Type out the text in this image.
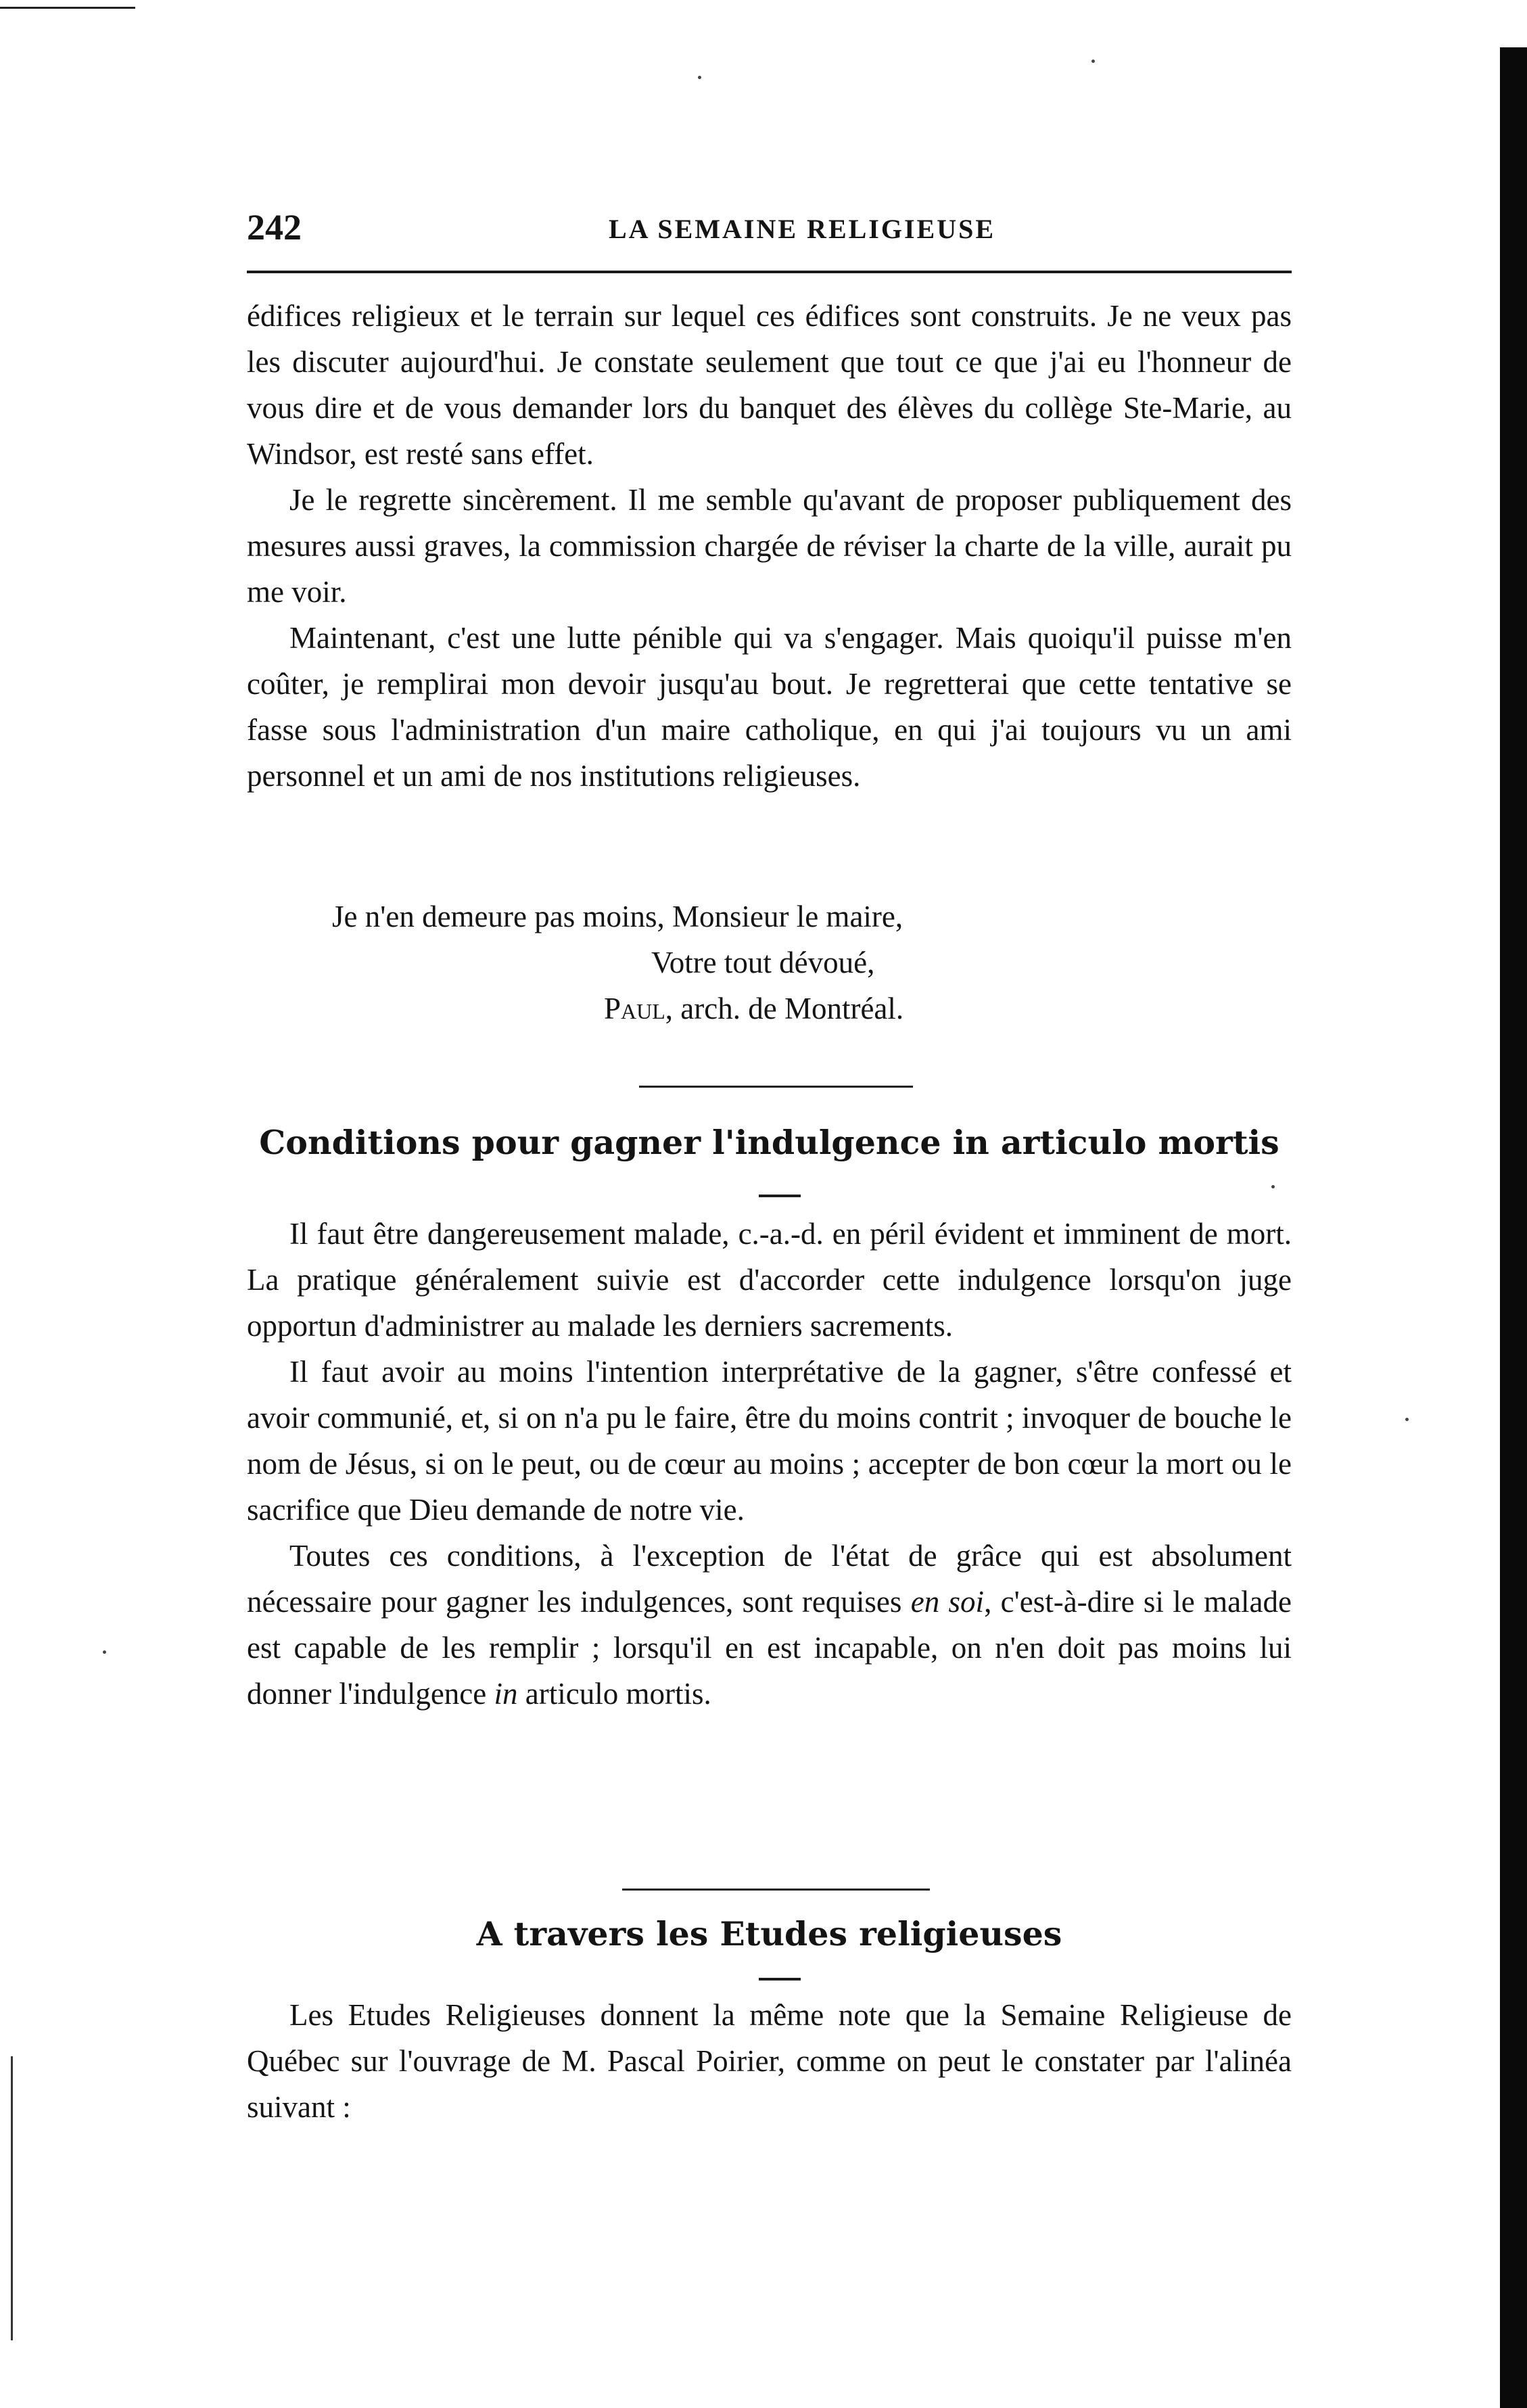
242	LA SEMAINE RELIGIEUSE

édifices religieux et le terrain sur lequel ces édifices sont construits. Je ne veux pas les discuter aujourd'hui. Je constate seulement que tout ce que j'ai eu l'honneur de vous dire et de vous demander lors du banquet des élèves du collège Ste-Marie, au Windsor, est resté sans effet.

Je le regrette sincèrement. Il me semble qu'avant de proposer publiquement des mesures aussi graves, la commission chargée de réviser la charte de la ville, aurait pu me voir.

Maintenant, c'est une lutte pénible qui va s'engager. Mais quoiqu'il puisse m'en coûter, je remplirai mon devoir jusqu'au bout. Je regretterai que cette tentative se fasse sous l'administration d'un maire catholique, en qui j'ai toujours vu un ami personnel et un ami de nos institutions religieuses.

Je n'en demeure pas moins, Monsieur le maire,

Votre tout dévoué,

Paul, arch. de Montréal.

Conditions pour gagner l'indulgence in articulo mortis

Il faut être dangereusement malade, c.-a.-d. en péril évident et imminent de mort. La pratique généralement suivie est d'accorder cette indulgence lorsqu'on juge opportun d'administrer au malade les derniers sacrements.

Il faut avoir au moins l'intention interprétative de la gagner, s'être confessé et avoir communié, et, si on n'a pu le faire, être du moins contrit ; invoquer de bouche le nom de Jésus, si on le peut, ou de cœur au moins ; accepter de bon cœur la mort ou le sacrifice que Dieu demande de notre vie.

Toutes ces conditions, à l'exception de l'état de grâce qui est absolument nécessaire pour gagner les indulgences, sont requises en soi, c'est-à-dire si le malade est capable de les remplir ; lorsqu'il en est incapable, on n'en doit pas moins lui donner l'indulgence in articulo mortis.

A travers les Etudes religieuses

Les Etudes Religieuses donnent la même note que la Semaine Religieuse de Québec sur l'ouvrage de M. Pascal Poirier, comme on peut le constater par l'alinéa suivant :
